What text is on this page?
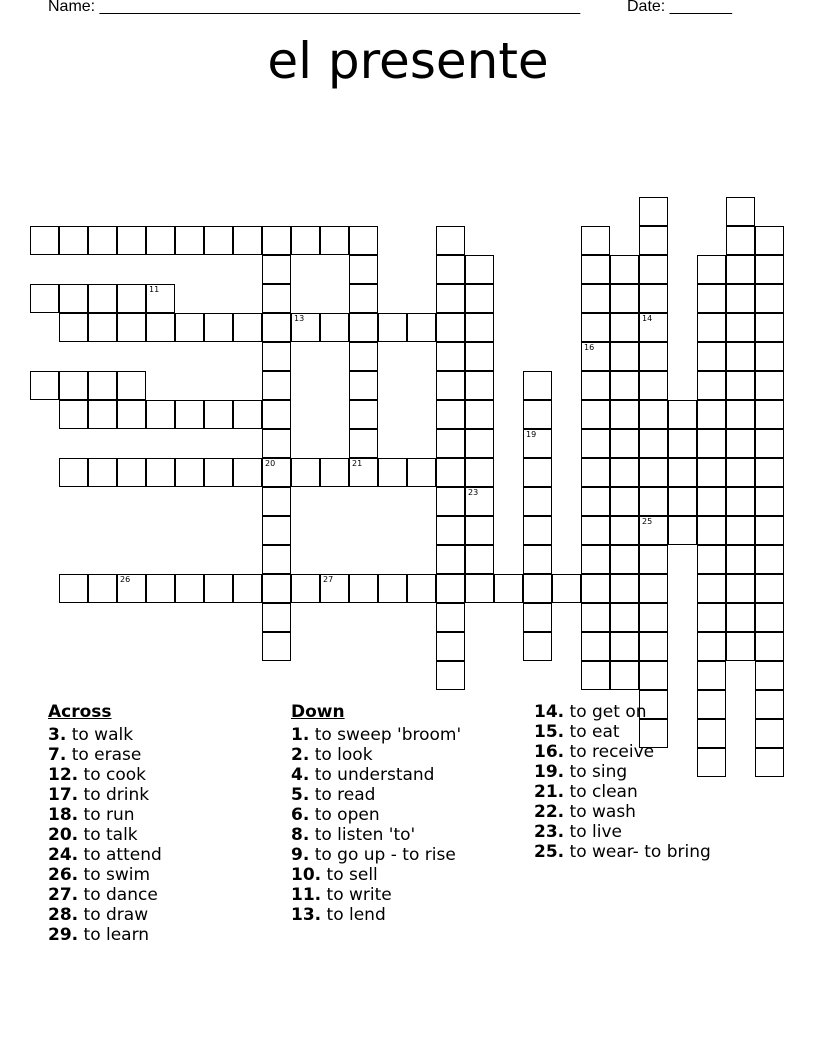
Name: ______________________________________________________	Date: _______
el presente
13
11
20	21
26	27
23
19
16
14
25
Across
3. to walk
7. to erase
12. to cook
17. to drink
18. to run
20. to talk
24. to attend
26. to swim
27. to dance
28. to draw
29. to learn
Down
1. to sweep 'broom'
2. to look
4. to understand
5. to read
6. to open
8. to listen 'to'
9. to go up - to rise
10. to sell
11. to write
13. to lend
14. to get on
15. to eat
16. to receive
19. to sing
21. to clean
22. to wash
23. to live
25. to wear- to bring
